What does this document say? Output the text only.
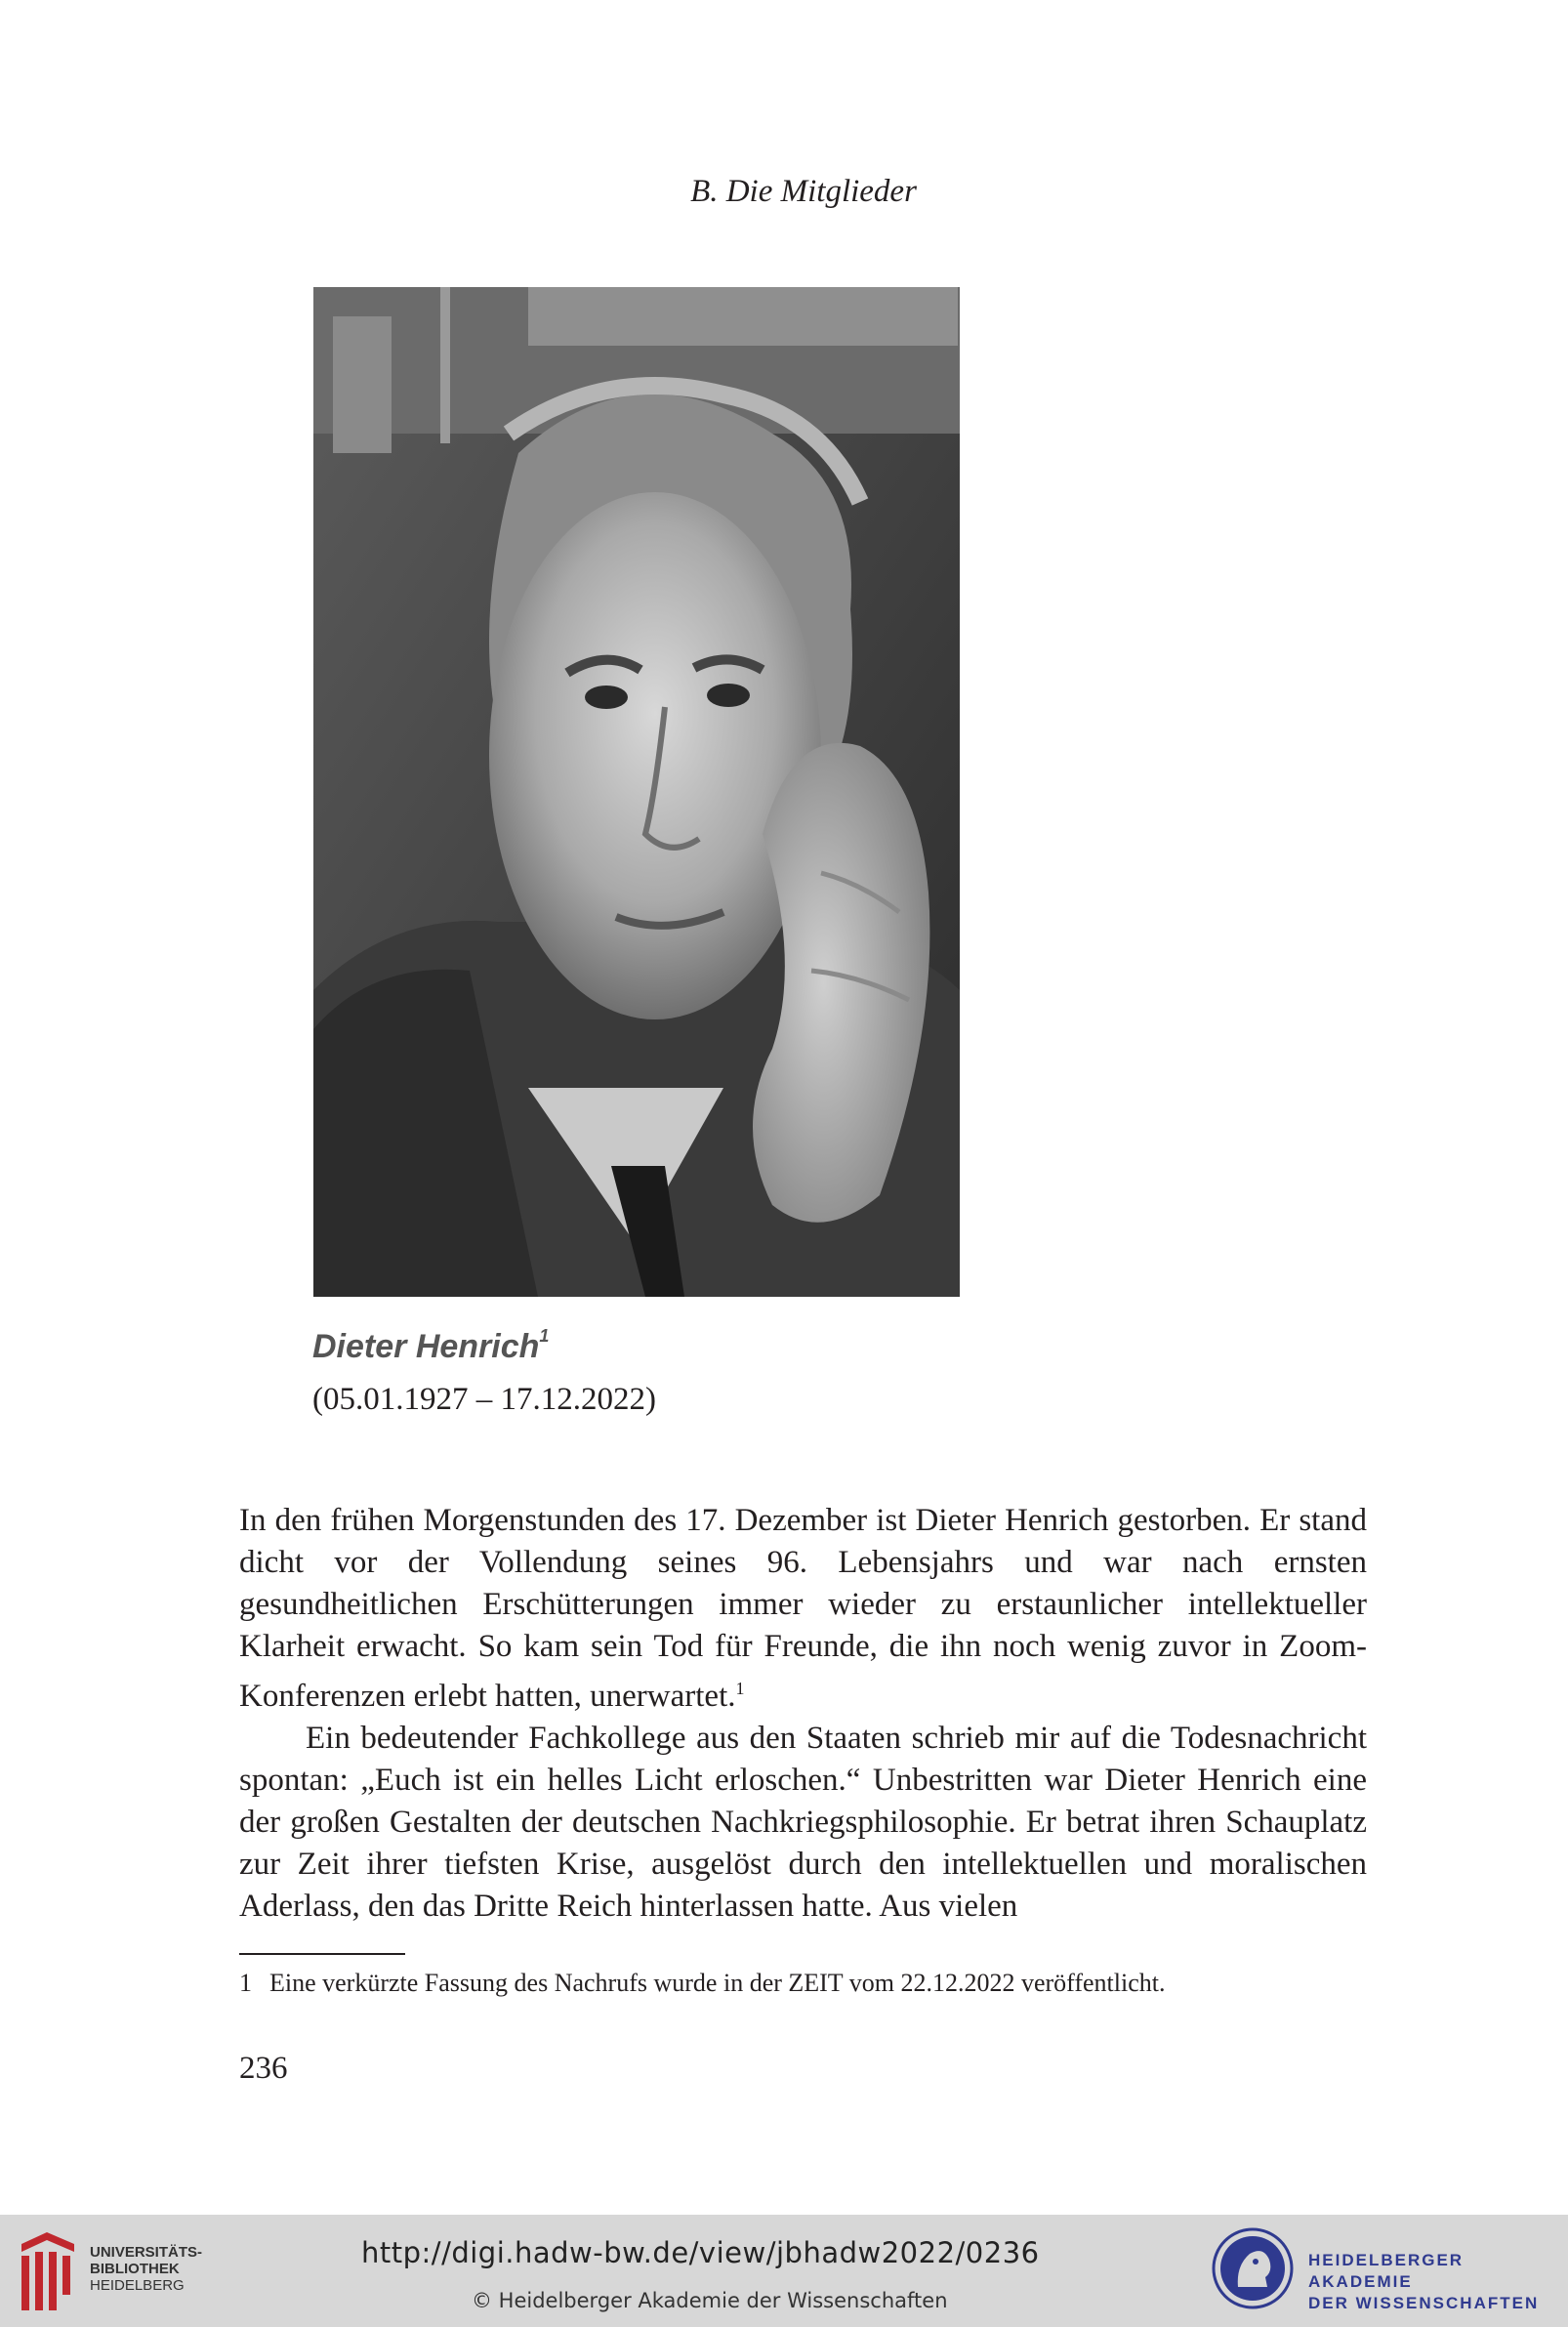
B. Die Mitglieder
Dieter Henrich$^1$
(05.01.1927 – 17.12.2022)

In den frühen Morgenstunden des 17. Dezember ist Dieter Henrich gestorben. Er stand dicht vor der Vollendung seines 96. Lebensjahrs und war nach ernsten gesundheitlichen Erschütterungen immer wieder zu erstaunlicher intellektueller Klarheit erwacht. So kam sein Tod für Freunde, die ihn noch wenig zuvor in Zoom-Konferenzen erlebt hatten, unerwartet.$^1$

Ein bedeutender Fachkollege aus den Staaten schrieb mir auf die Todesnachricht spontan: „Euch ist ein helles Licht erloschen.“ Unbestritten war Dieter Henrich eine der großen Gestalten der deutschen Nachkriegsphilosophie. Er betrat ihren Schauplatz zur Zeit ihrer tiefsten Krise, ausgelöst durch den intellektuellen und moralischen Aderlass, den das Dritte Reich hinterlassen hatte. Aus vielen

1 Eine verkürzte Fassung des Nachrufs wurde in der ZEIT vom 22.12.2022 veröffentlicht.
236
UNIVERSITÄTS-
BIBLIOTHEK
HEIDELBERG
http://digi.hadw-bw.de/view/jbhadw2022/0236
© Heidelberger Akademie der Wissenschaften
HEIDELBERGER AKADEMIE
DER WISSENSCHAFTEN
